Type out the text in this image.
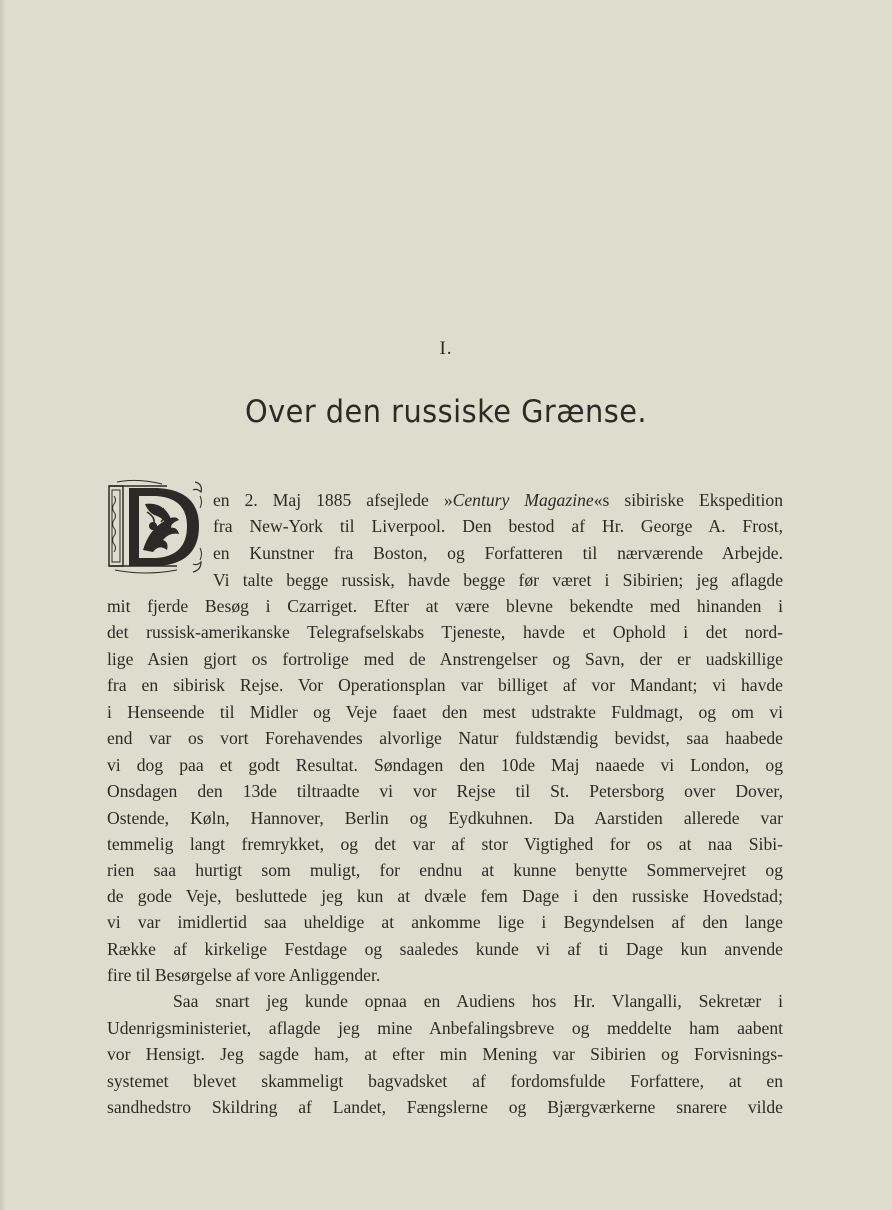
I.
Over den russiske Grænse.
en 2. Maj 1885 afsejlede »Century Magazine«s sibiriske Ekspedition
fra New-York til Liverpool. Den bestod af Hr. George A. Frost,
en Kunstner fra Boston, og Forfatteren til nærværende Arbejde.
Vi talte begge russisk, havde begge før været i Sibirien; jeg aflagde
mit fjerde Besøg i Czarriget. Efter at være blevne bekendte med hinanden i
det russisk-amerikanske Telegrafselskabs Tjeneste, havde et Ophold i det nord-
lige Asien gjort os fortrolige med de Anstrengelser og Savn, der er uadskillige
fra en sibirisk Rejse. Vor Operationsplan var billiget af vor Mandant; vi havde
i Henseende til Midler og Veje faaet den mest udstrakte Fuldmagt, og om vi
end var os vort Forehavendes alvorlige Natur fuldstændig bevidst, saa haabede
vi dog paa et godt Resultat. Søndagen den 10de Maj naaede vi London, og
Onsdagen den 13de tiltraadte vi vor Rejse til St. Petersborg over Dover,
Ostende, Køln, Hannover, Berlin og Eydkuhnen. Da Aarstiden allerede var
temmelig langt fremrykket, og det var af stor Vigtighed for os at naa Sibi-
rien saa hurtigt som muligt, for endnu at kunne benytte Sommervejret og
de gode Veje, besluttede jeg kun at dvæle fem Dage i den russiske Hovedstad;
vi var imidlertid saa uheldige at ankomme lige i Begyndelsen af den lange
Række af kirkelige Festdage og saaledes kunde vi af ti Dage kun anvende
fire til Besørgelse af vore Anliggender.
Saa snart jeg kunde opnaa en Audiens hos Hr. Vlangalli, Sekretær i
Udenrigsministeriet, aflagde jeg mine Anbefalingsbreve og meddelte ham aabent
vor Hensigt. Jeg sagde ham, at efter min Mening var Sibirien og Forvisnings-
systemet blevet skammeligt bagvadsket af fordomsfulde Forfattere, at en
sandhedstro Skildring af Landet, Fængslerne og Bjærgværkerne snarere vilde
